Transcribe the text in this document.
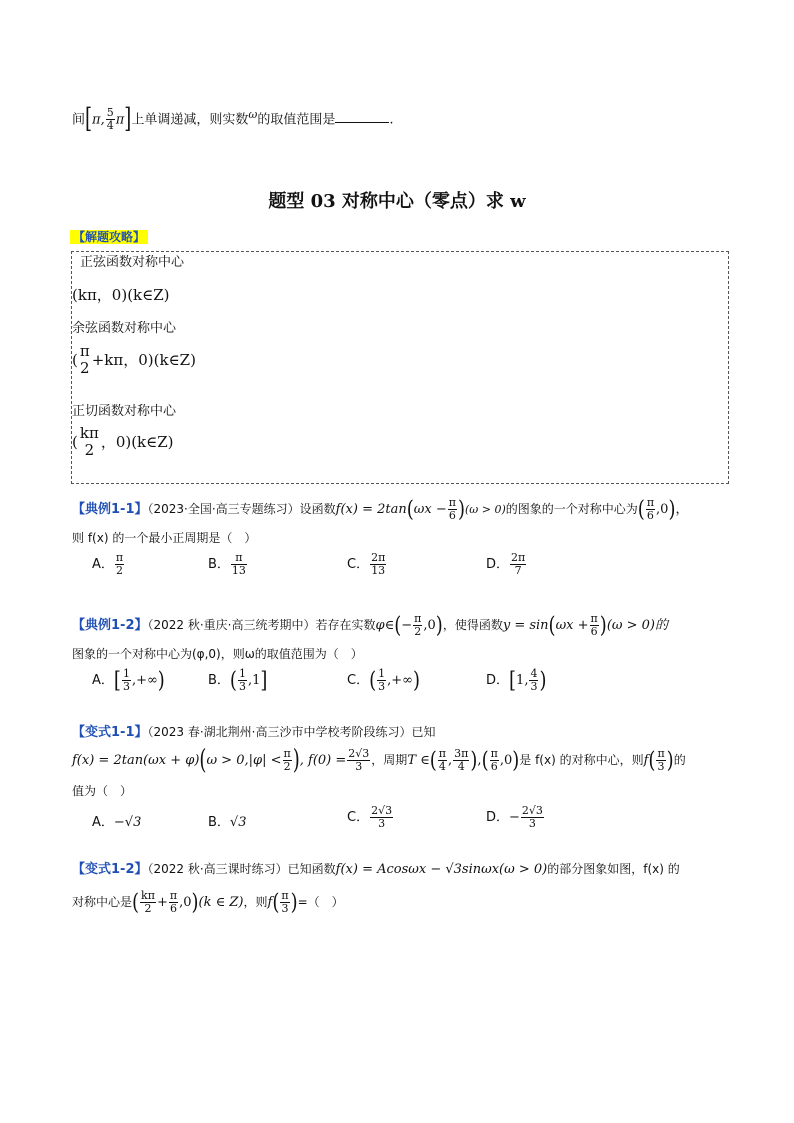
间[π, $\frac{5}{4} \pi$]上单调递减，则实数$^\omega$的取值范围是	.
题型 03 对称中心（零点）求 w
【解题攻略】
正弦函数对称中心
(kπ，0)(k∈Z)
余弦函数对称中心
( π
2 +kπ，0)(k∈Z)
正切函数对称中心
( kπ
2 ，0)(k∈Z)
【典例1-1】（2023·全国·高三专题练习）设函数$f(x) = 2\tan(\omega x - \frac{\pi}{6} )(\omega > 0)$的图象的一个对称中心为( $\frac{\pi}{6} ,0$)，
则 f(x) 的一个最小正周期是（　）
A． $\frac{\pi}{2}$	B． $\frac{\pi}{13}$	C． $\frac{2\pi}{13}$	D． $\frac{2\pi}{7}$
【典例1-2】（2022 秋·重庆·高三统考期中）若存在实数φ∈(− $\frac{\pi}{2} ,0$)，使得函数$y = \sin(\omega x + \frac{\pi}{6} )(\omega > 0)$的
图象的一个对称中心为(φ,0)，则ω的取值范围为（　）
A．[ $\frac{1}{3}$ ,+∞)	B．( $\frac{1}{3} ,1$]	C．( $\frac{1}{3}$ ,+∞)	D．[1, $\frac{4}{3}$ )
【变式1-1】（2023 春·湖北荆州·高三沙市中学校考阶段练习）已知
$f(x) = 2\tan(\omega x + \varphi)(\omega > 0,|\varphi| < \frac{\pi}{2}$ ), $f(0) = \frac{2√3}{3}$ ，周期T ∈( $\frac{\pi}{4}$ , $\frac{3\pi}{4}$ ),( $\frac{\pi}{6} ,0$)是 f(x) 的对称中心，则$f( \frac{\pi}{3}$ )的
值为（　）
A．−√3	B．√3	C． $\frac{2√3}{3}$	D．− $\frac{2√3}{3}$
【变式1-2】（2022 秋·高三课时练习）已知函数f(x) = Acosωx − √3sinωx(ω > 0)的部分图象如图，f(x) 的
对称中心是( $\frac{k\pi}{2} + \frac{\pi}{6} ,0)(k$ ∈ Z)，则$f( \frac{\pi}{3}$ )=（　）
